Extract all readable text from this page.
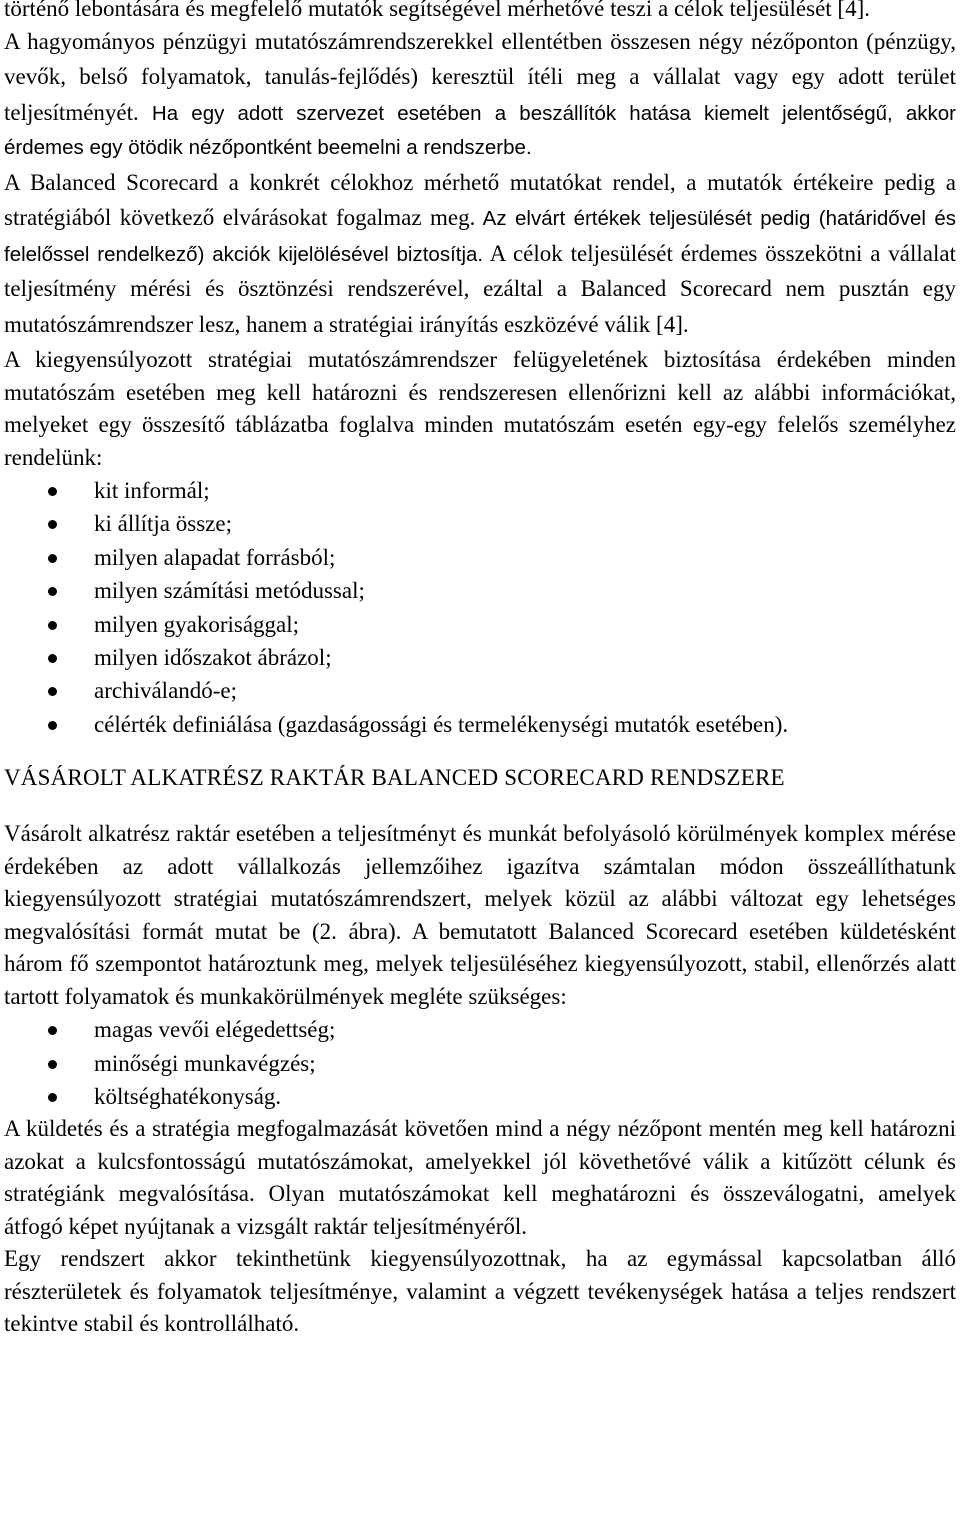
történő lebontására és megfelelő mutatók segítségével mérhetővé teszi a célok teljesülését [4].

A hagyományos pénzügyi mutatószámrendszerekkel ellentétben összesen négy nézőponton (pénzügy, vevők, belső folyamatok, tanulás-fejlődés) keresztül ítéli meg a vállalat vagy egy adott terület teljesítményét. Ha egy adott szervezet esetében a beszállítók hatása kiemelt jelentőségű, akkor érdemes egy ötödik nézőpontként beemelni a rendszerbe.

A Balanced Scorecard a konkrét célokhoz mérhető mutatókat rendel, a mutatók értékeire pedig a stratégiából következő elvárásokat fogalmaz meg. Az elvárt értékek teljesülését pedig (határidővel és felelőssel rendelkező) akciók kijelölésével biztosítja. A célok teljesülését érdemes összekötni a vállalat teljesítmény mérési és ösztönzési rendszerével, ezáltal a Balanced Scorecard nem pusztán egy mutatószámrendszer lesz, hanem a stratégiai irányítás eszközévé válik [4].

A kiegyensúlyozott stratégiai mutatószámrendszer felügyeletének biztosítása érdekében minden mutatószám esetében meg kell határozni és rendszeresen ellenőrizni kell az alábbi információkat, melyeket egy összesítő táblázatba foglalva minden mutatószám esetén egy-egy felelős személyhez rendelünk:

kit informál;
ki állítja össze;
milyen alapadat forrásból;
milyen számítási metódussal;
milyen gyakorisággal;
milyen időszakot ábrázol;
archiválandó-e;
célérték definiálása (gazdaságossági és termelékenységi mutatók esetében).
VÁSÁROLT ALKATRÉSZ RAKTÁR BALANCED SCORECARD RENDSZERE

Vásárolt alkatrész raktár esetében a teljesítményt és munkát befolyásoló körülmények komplex mérése érdekében az adott vállalkozás jellemzőihez igazítva számtalan módon összeállíthatunk kiegyensúlyozott stratégiai mutatószámrendszert, melyek közül az alábbi változat egy lehetséges megvalósítási formát mutat be (2. ábra). A bemutatott Balanced Scorecard esetében küldetésként három fő szempontot határoztunk meg, melyek teljesüléséhez kiegyensúlyozott, stabil, ellenőrzés alatt tartott folyamatok és munkakörülmények megléte szükséges:

magas vevői elégedettség;
minőségi munkavégzés;
költséghatékonyság.

A küldetés és a stratégia megfogalmazását követően mind a négy nézőpont mentén meg kell határozni azokat a kulcsfontosságú mutatószámokat, amelyekkel jól követhetővé válik a kitűzött célunk és stratégiánk megvalósítása. Olyan mutatószámokat kell meghatározni és összeválogatni, amelyek átfogó képet nyújtanak a vizsgált raktár teljesítményéről.

Egy rendszert akkor tekinthetünk kiegyensúlyozottnak, ha az egymással kapcsolatban álló részterületek és folyamatok teljesítménye, valamint a végzett tevékenységek hatása a teljes rendszert tekintve stabil és kontrollálható.
